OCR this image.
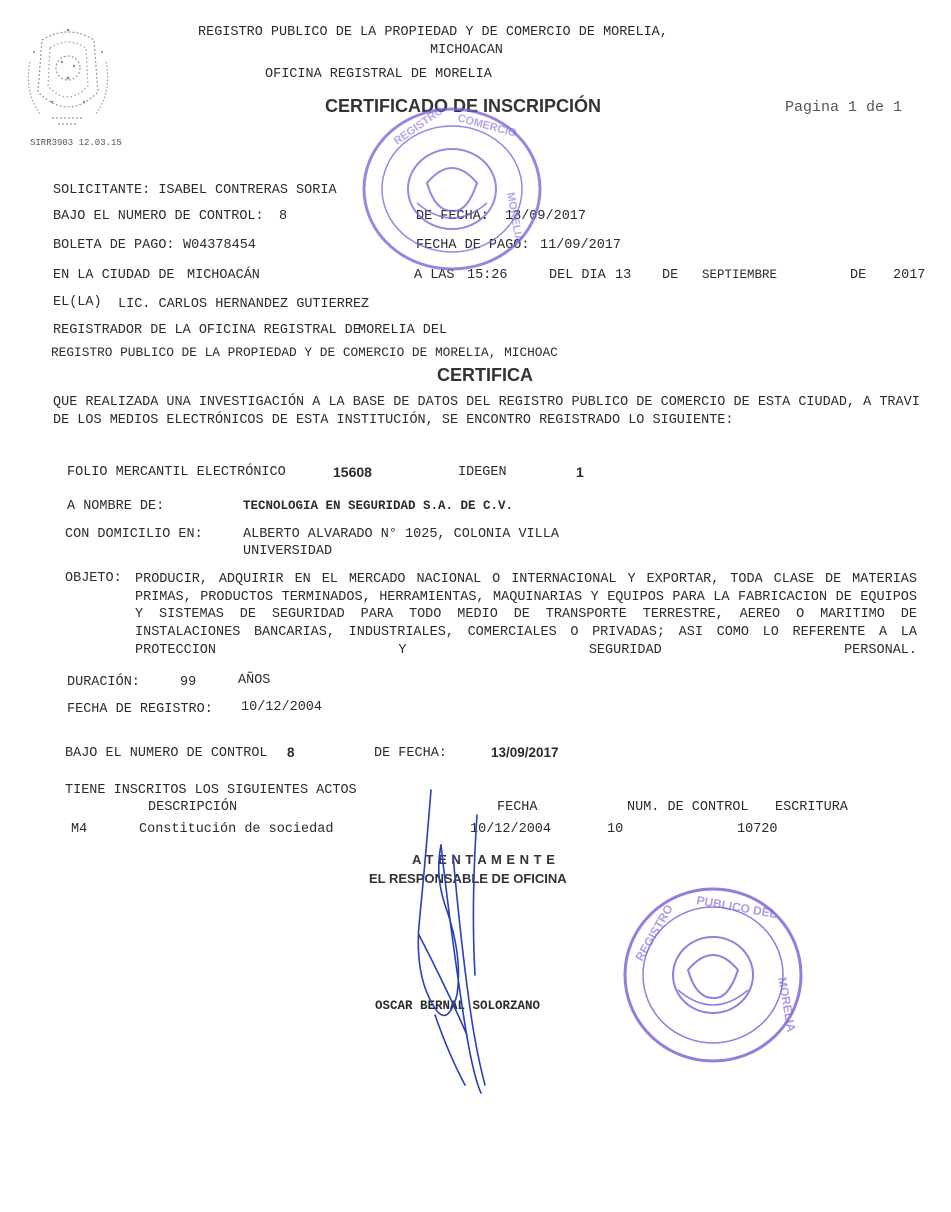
SIRR3903 12.03.15
REGISTRO PUBLICO DE LA PROPIEDAD Y DE COMERCIO DE MORELIA,
MICHOACAN
OFICINA REGISTRAL DE MORELIA
CERTIFICADO DE INSCRIPCIÓN	Pagina 1 de 1
SOLICITANTE: ISABEL CONTRERAS SORIA
BAJO EL NUMERO DE CONTROL: 8	DE FECHA: 13/09/2017
BOLETA DE PAGO: W04378454	FECHA DE PAGO: 11/09/2017
EN LA CIUDAD DE MICHOACÁN	A LAS 15:26	DEL DIA 13 DE SEPTIEMBRE	DE 2017
EL(LA) LIC. CARLOS HERNANDEZ GUTIERREZ
REGISTRADOR DE LA OFICINA REGISTRAL DE
MORELIA DEL
REGISTRO PUBLICO DE LA PROPIEDAD Y DE COMERCIO DE MORELIA, MICHOAC
CERTIFICA
QUE REALIZADA UNA INVESTIGACIÓN A LA BASE DE DATOS DEL REGISTRO PUBLICO DE COMERCIO DE ESTA CIUDAD, A TRAVI
DE LOS MEDIOS ELECTRÓNICOS DE ESTA INSTITUCIÓN, SE ENCONTRO REGISTRADO LO SIGUIENTE:
FOLIO MERCANTIL ELECTRÓNICO	15608	IDEGEN	1
A NOMBRE DE:	TECNOLOGIA EN SEGURIDAD S.A. DE C.V.
CON DOMICILIO EN:	ALBERTO ALVARADO N° 1025, COLONIA VILLA
UNIVERSIDAD
OBJETO: PRODUCIR, ADQUIRIR EN EL MERCADO NACIONAL O INTERNACIONAL Y EXPORTAR, TODA CLASE DE MATERIAS PRIMAS, PRODUCTOS TERMINADOS, HERRAMIENTAS, MAQUINARIAS Y EQUIPOS PARA LA FABRICACION DE EQUIPOS Y SISTEMAS DE SEGURIDAD PARA TODO MEDIO DE TRANSPORTE TERRESTRE, AEREO O MARITIMO DE INSTALACIONES BANCARIAS, INDUSTRIALES, COMERCIALES O PRIVADAS; ASI COMO LO REFERENTE A LA PROTECCION Y SEGURIDAD PERSONAL.
DURACIÓN:	99	AÑOS
FECHA DE REGISTRO: 10/12/2004
BAJO EL NUMERO DE CONTROL 8	DE FECHA:	13/09/2017
TIENE INSCRITOS LOS SIGUIENTES ACTOS
DESCRIPCIÓN	FECHA	NUM. DE CONTROL ESCRITURA
M4	Constitución de sociedad	10/12/2004	10	10720
A T E N T A M E N T E
EL RESPONSABLE DE OFICINA
OSCAR BERNAL SOLORZANO
REGISTRO COMERCIO
MORELIA
REGISTRO PUBLICO DEL
MORELIA
